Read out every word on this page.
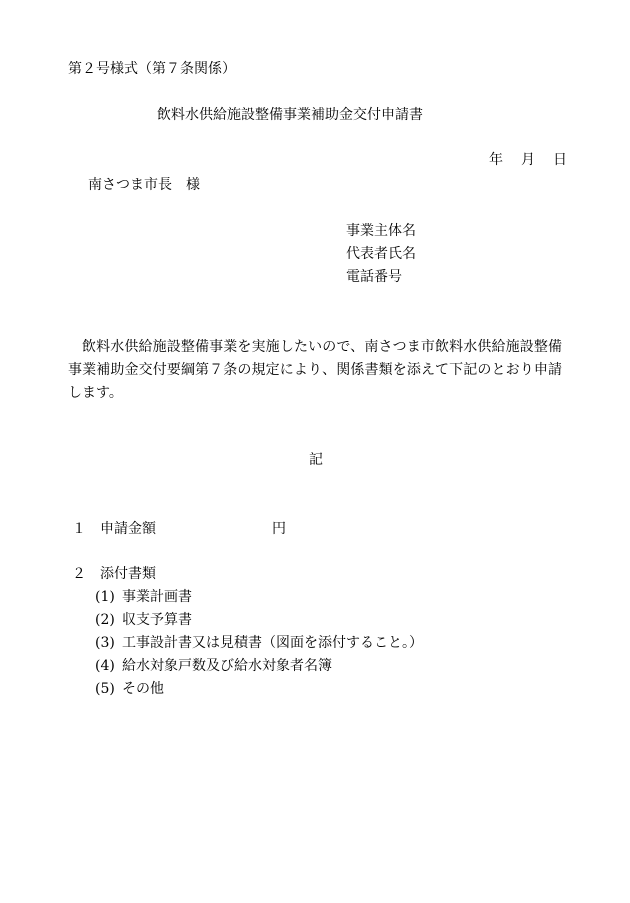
第２号様式（第７条関係）
飲料水供給施設整備事業補助金交付申請書
年 月 日
南さつま市長　様
事業主体名
代表者氏名
電話番号
飲料水供給施設整備事業を実施したいので、南さつま市飲料水供給施設整備事業補助金交付要綱第７条の規定により、関係書類を添えて下記のとおり申請します。
記
１ 申請金額	円
２ 添付書類
(1) 事業計画書
(2) 収支予算書
(3) 工事設計書又は見積書（図面を添付すること。）
(4) 給水対象戸数及び給水対象者名簿
(5) その他
